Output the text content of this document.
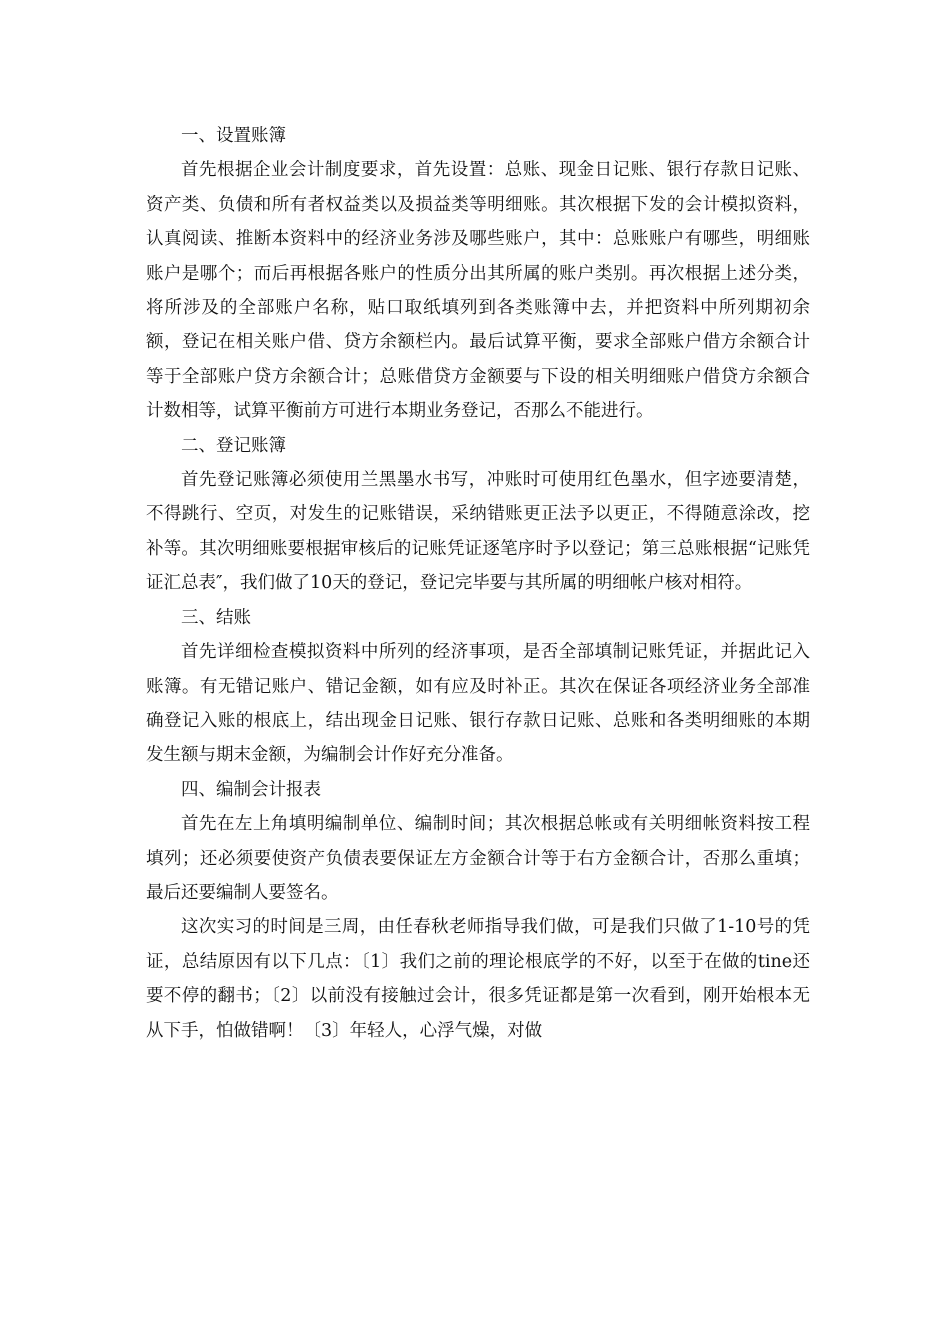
一、设置账簿

首先根据企业会计制度要求，首先设置：总账、现金日记账、银行存款日记账、资产类、负债和所有者权益类以及损益类等明细账。其次根据下发的会计模拟资料，认真阅读、推断本资料中的经济业务涉及哪些账户，其中：总账账户有哪些，明细账账户是哪个；而后再根据各账户的性质分出其所属的账户类别。再次根据上述分类，将所涉及的全部账户名称，贴口取纸填列到各类账簿中去，并把资料中所列期初余额，登记在相关账户借、贷方余额栏内。最后试算平衡，要求全部账户借方余额合计等于全部账户贷方余额合计；总账借贷方金额要与下设的相关明细账户借贷方余额合计数相等，试算平衡前方可进行本期业务登记，否那么不能进行。

二、登记账簿

首先登记账簿必须使用兰黑墨水书写，冲账时可使用红色墨水，但字迹要清楚，不得跳行、空页，对发生的记账错误，采纳错账更正法予以更正，不得随意涂改，挖补等。其次明细账要根据审核后的记账凭证逐笔序时予以登记；第三总账根据“记账凭证汇总表″，我们做了10天的登记，登记完毕要与其所属的明细帐户核对相符。

三、结账

首先详细检查模拟资料中所列的经济事项，是否全部填制记账凭证，并据此记入账簿。有无错记账户、错记金额，如有应及时补正。其次在保证各项经济业务全部准确登记入账的根底上，结出现金日记账、银行存款日记账、总账和各类明细账的本期发生额与期末金额，为编制会计作好充分准备。

四、编制会计报表

首先在左上角填明编制单位、编制时间；其次根据总帐或有关明细帐资料按工程填列；还必须要使资产负债表要保证左方金额合计等于右方金额合计，否那么重填；最后还要编制人要签名。

这次实习的时间是三周，由任春秋老师指导我们做，可是我们只做了1-10号的凭证，总结原因有以下几点：〔1〕我们之前的理论根底学的不好，以至于在做的tine还要不停的翻书；〔2〕以前没有接触过会计，很多凭证都是第一次看到，刚开始根本无从下手，怕做错啊！〔3〕年轻人，心浮气燥，对做
